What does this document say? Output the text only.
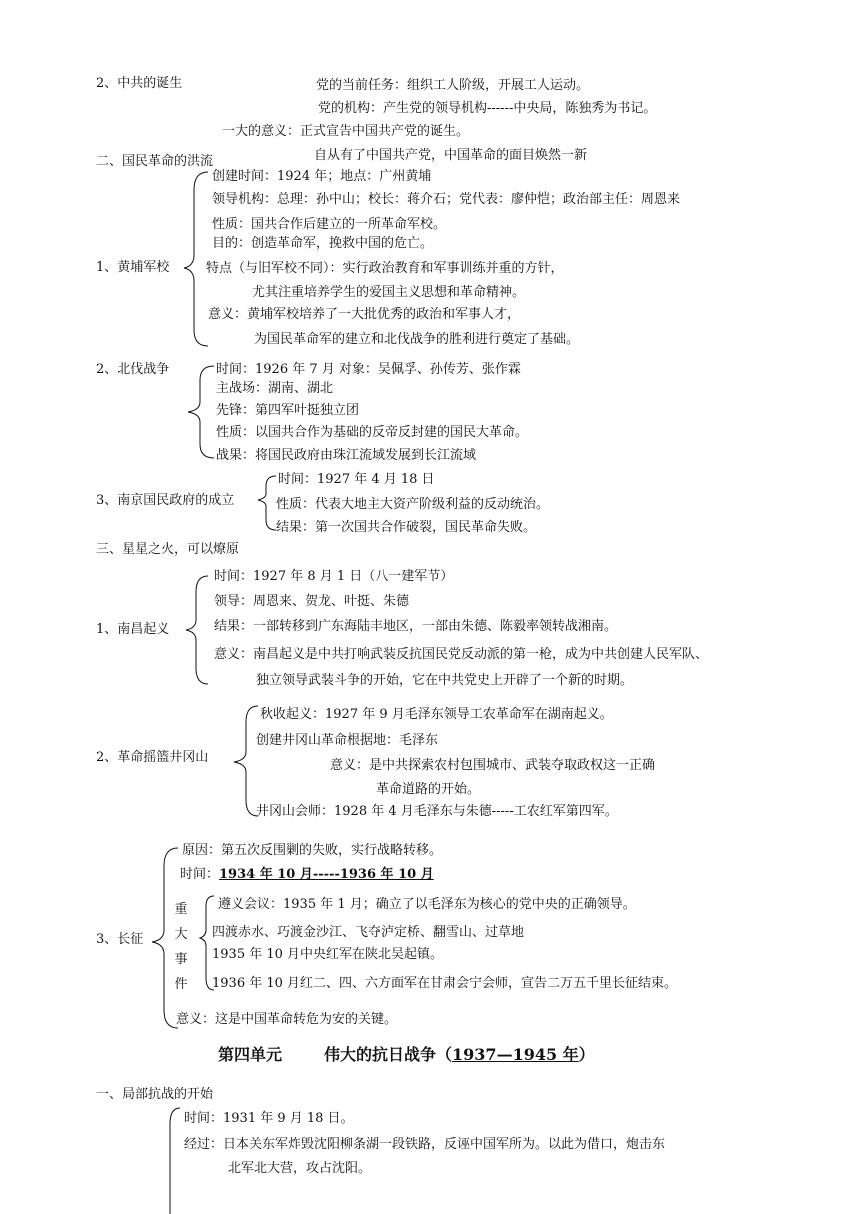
2、中共的诞生	党的当前任务：组织工人阶级，开展工人运动。
党的机构：产生党的领导机构------中央局，陈独秀为书记。
一大的意义： 正式宣告中国共产党的诞生。
自从有了中国共产党，中国革命的面目焕然一新
二、国民革命的洪流
1、黄埔军校
创建时间：1924 年；地点：广州黄埔
领导机构：总理：孙中山；校长：蒋介石；党代表：廖仲恺；政治部主任：周恩来
性质：国共合作后建立的一所革命军校。
目的：创造革命军，挽救中国的危亡。
特点（与旧军校不同）：实行政治教育和军事训练并重的方针，
尤其注重培养学生的爱国主义思想和革命精神。
意义：黄埔军校培养了一大批优秀的政治和军事人才，
为国民革命军的建立和北伐战争的胜利进行奠定了基础。
2、北伐战争	时间：1926 年 7 月 对象：吴佩孚、孙传芳、张作霖
主战场：湖南、湖北
先锋：第四军叶挺独立团
性质：以国共合作为基础的反帝反封建的国民大革命。
战果：将国民政府由珠江流域发展到长江流域
3、南京国民政府的成立
时间：1927 年 4 月 18 日
性质：代表大地主大资产阶级利益的反动统治。
结果：第一次国共合作破裂，国民革命失败。
三、星星之火，可以燎原
1、南昌起义
时间：1927 年 8 月 1 日（八一建军节）
领导：周恩来、贺龙、叶挺、朱德
结果：一部转移到广东海陆丰地区，一部由朱德、陈毅率领转战湘南。
意义：南昌起义是中共打响武装反抗国民党反动派的第一枪，成为中共创建人民军队、
独立领导武装斗争的开始，它在中共党史上开辟了一个新的时期。
2、革命摇篮井冈山
秋收起义：1927 年 9 月毛泽东领导工农革命军在湖南起义。
创建井冈山革命根据地：毛泽东
意义：是中共探索农村包围城市、武装夺取政权这一正确
革命道路的开始。
井冈山会师：1928 年 4 月毛泽东与朱德-----工农红军第四军。
3、长征
原因：第五次反围剿的失败，实行战略转移。
时间：1934 年 10 月-----1936 年 10 月
重
大
事
件
遵义会议：1935 年 1 月；确立了以毛泽东为核心的党中央的正确领导。
四渡赤水、巧渡金沙江、飞夺泸定桥、翻雪山、过草地
1935 年 10 月中央红军在陕北吴起镇。
1936 年 10 月红二、四、六方面军在甘肃会宁会师，宣告二万五千里长征结束。
意义：这是中国革命转危为安的关键。
第四单元	伟大的抗日战争（1937—1945 年）
一、局部抗战的开始
时间：1931 年 9 月 18 日。
经过：日本关东军炸毁沈阳柳条湖一段铁路，反诬中国军所为。以此为借口，炮击东
北军北大营，攻占沈阳。
